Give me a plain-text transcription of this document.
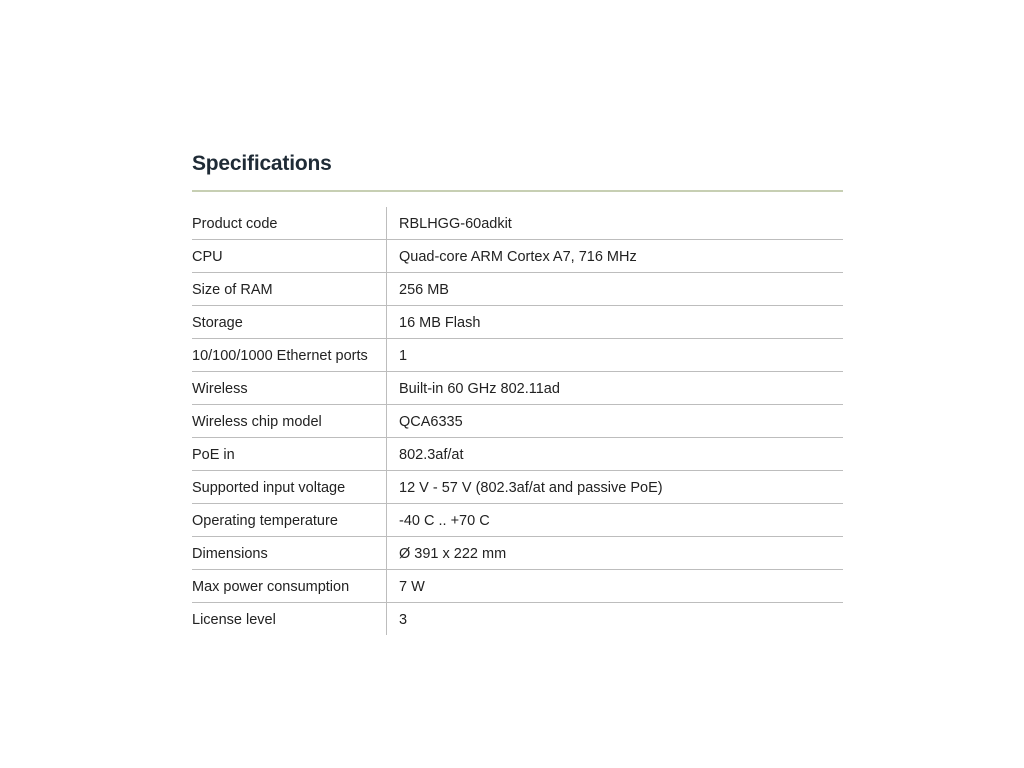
Specifications
Product code	RBLHGG-60adkit
CPU	Quad-core ARM Cortex A7, 716 MHz
Size of RAM	256 MB
Storage	16 MB Flash
10/100/1000 Ethernet ports	1
Wireless	Built-in 60 GHz 802.11ad
Wireless chip model	QCA6335
PoE in	802.3af/at
Supported input voltage	12 V - 57 V (802.3af/at and passive PoE)
Operating temperature	-40 C .. +70 C
Dimensions	Ø 391 x 222 mm
Max power consumption	7 W
License level	3
